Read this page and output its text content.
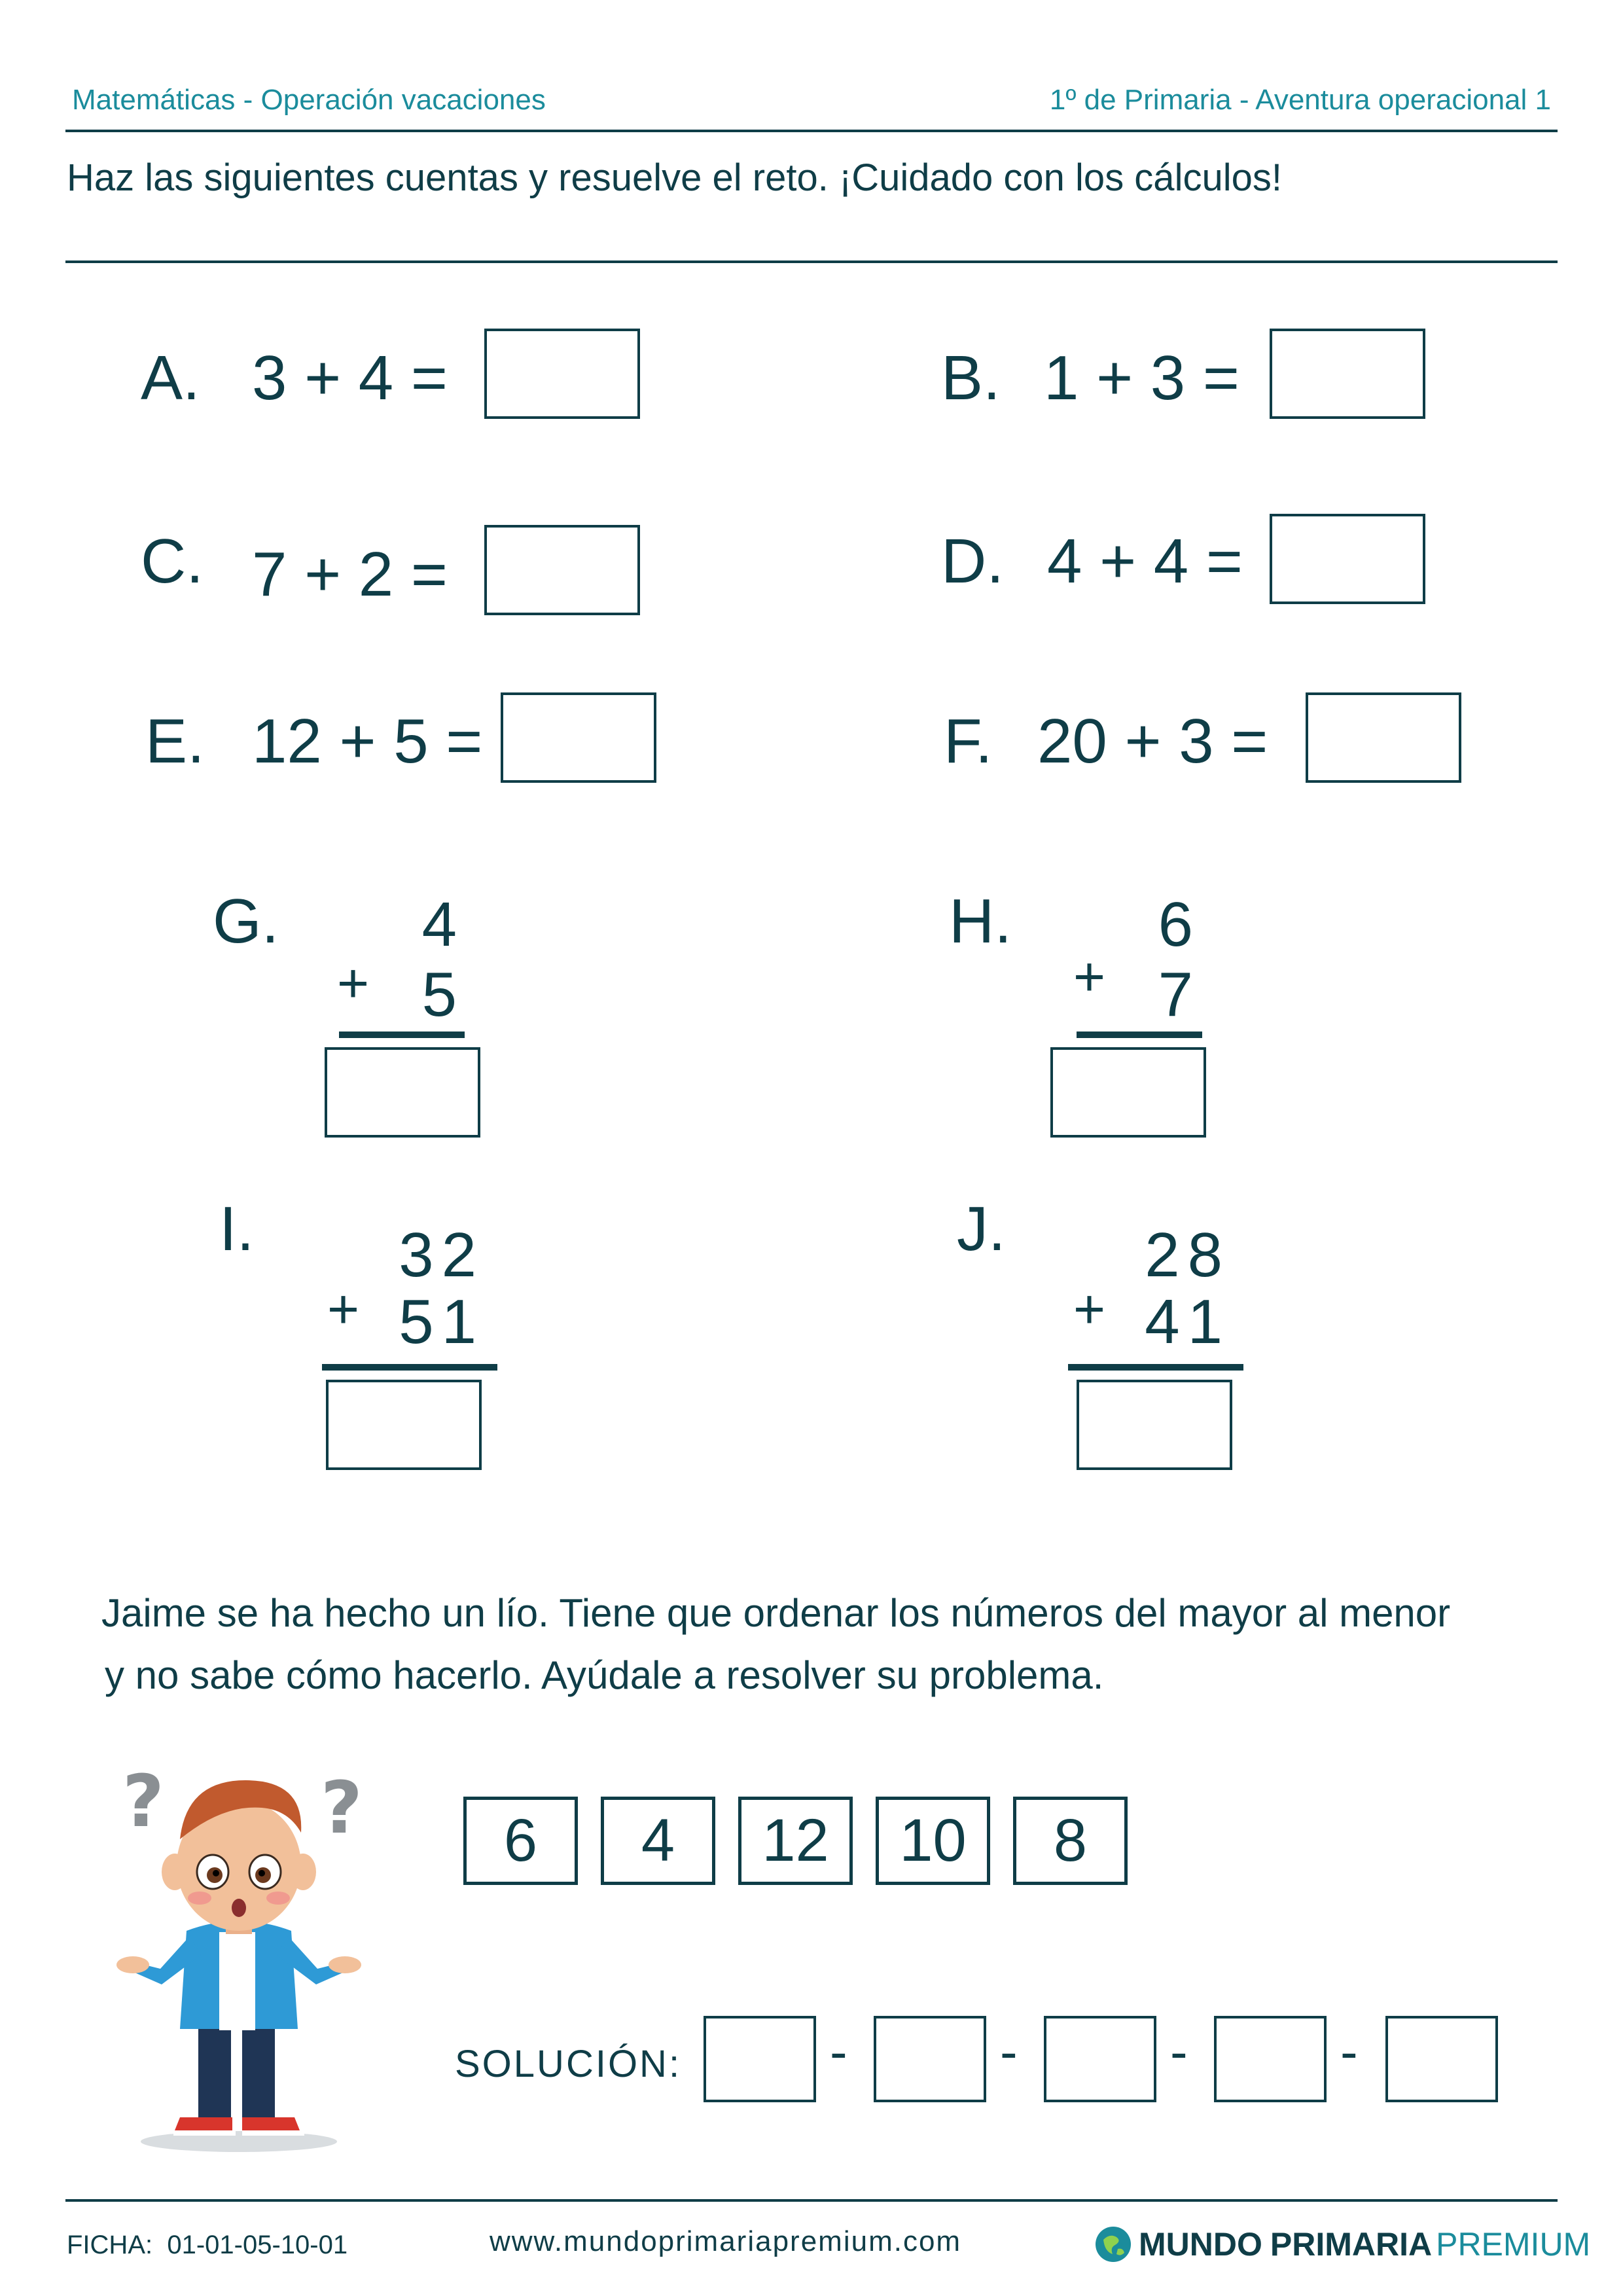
Matemáticas - Operación vacaciones	1º de Primaria - Aventura operacional 1
Haz las siguientes cuentas y resuelve el reto. ¡Cuidado con los cálculos!
A. 3 + 4 =	B. 1 + 3 =
C. 7 + 2 =	D. 4 + 4 =
E. 12 + 5 =	F. 20 + 3 =
G.	4
+ 5
H.	6
+ 7
I.	32
+ 51
J.	28
+ 41
Jaime se ha hecho un lío. Tiene que ordenar los números del mayor al menor
y no sabe cómo hacerlo. Ayúdale a resolver su problema.
? ?	6	4	12	10	8
SOLUCIÓN:	-	-	-	-
FICHA:  01-01-05-10-01	www.mundoprimariapremium.com	MUNDO PRIMARIA PREMIUM
